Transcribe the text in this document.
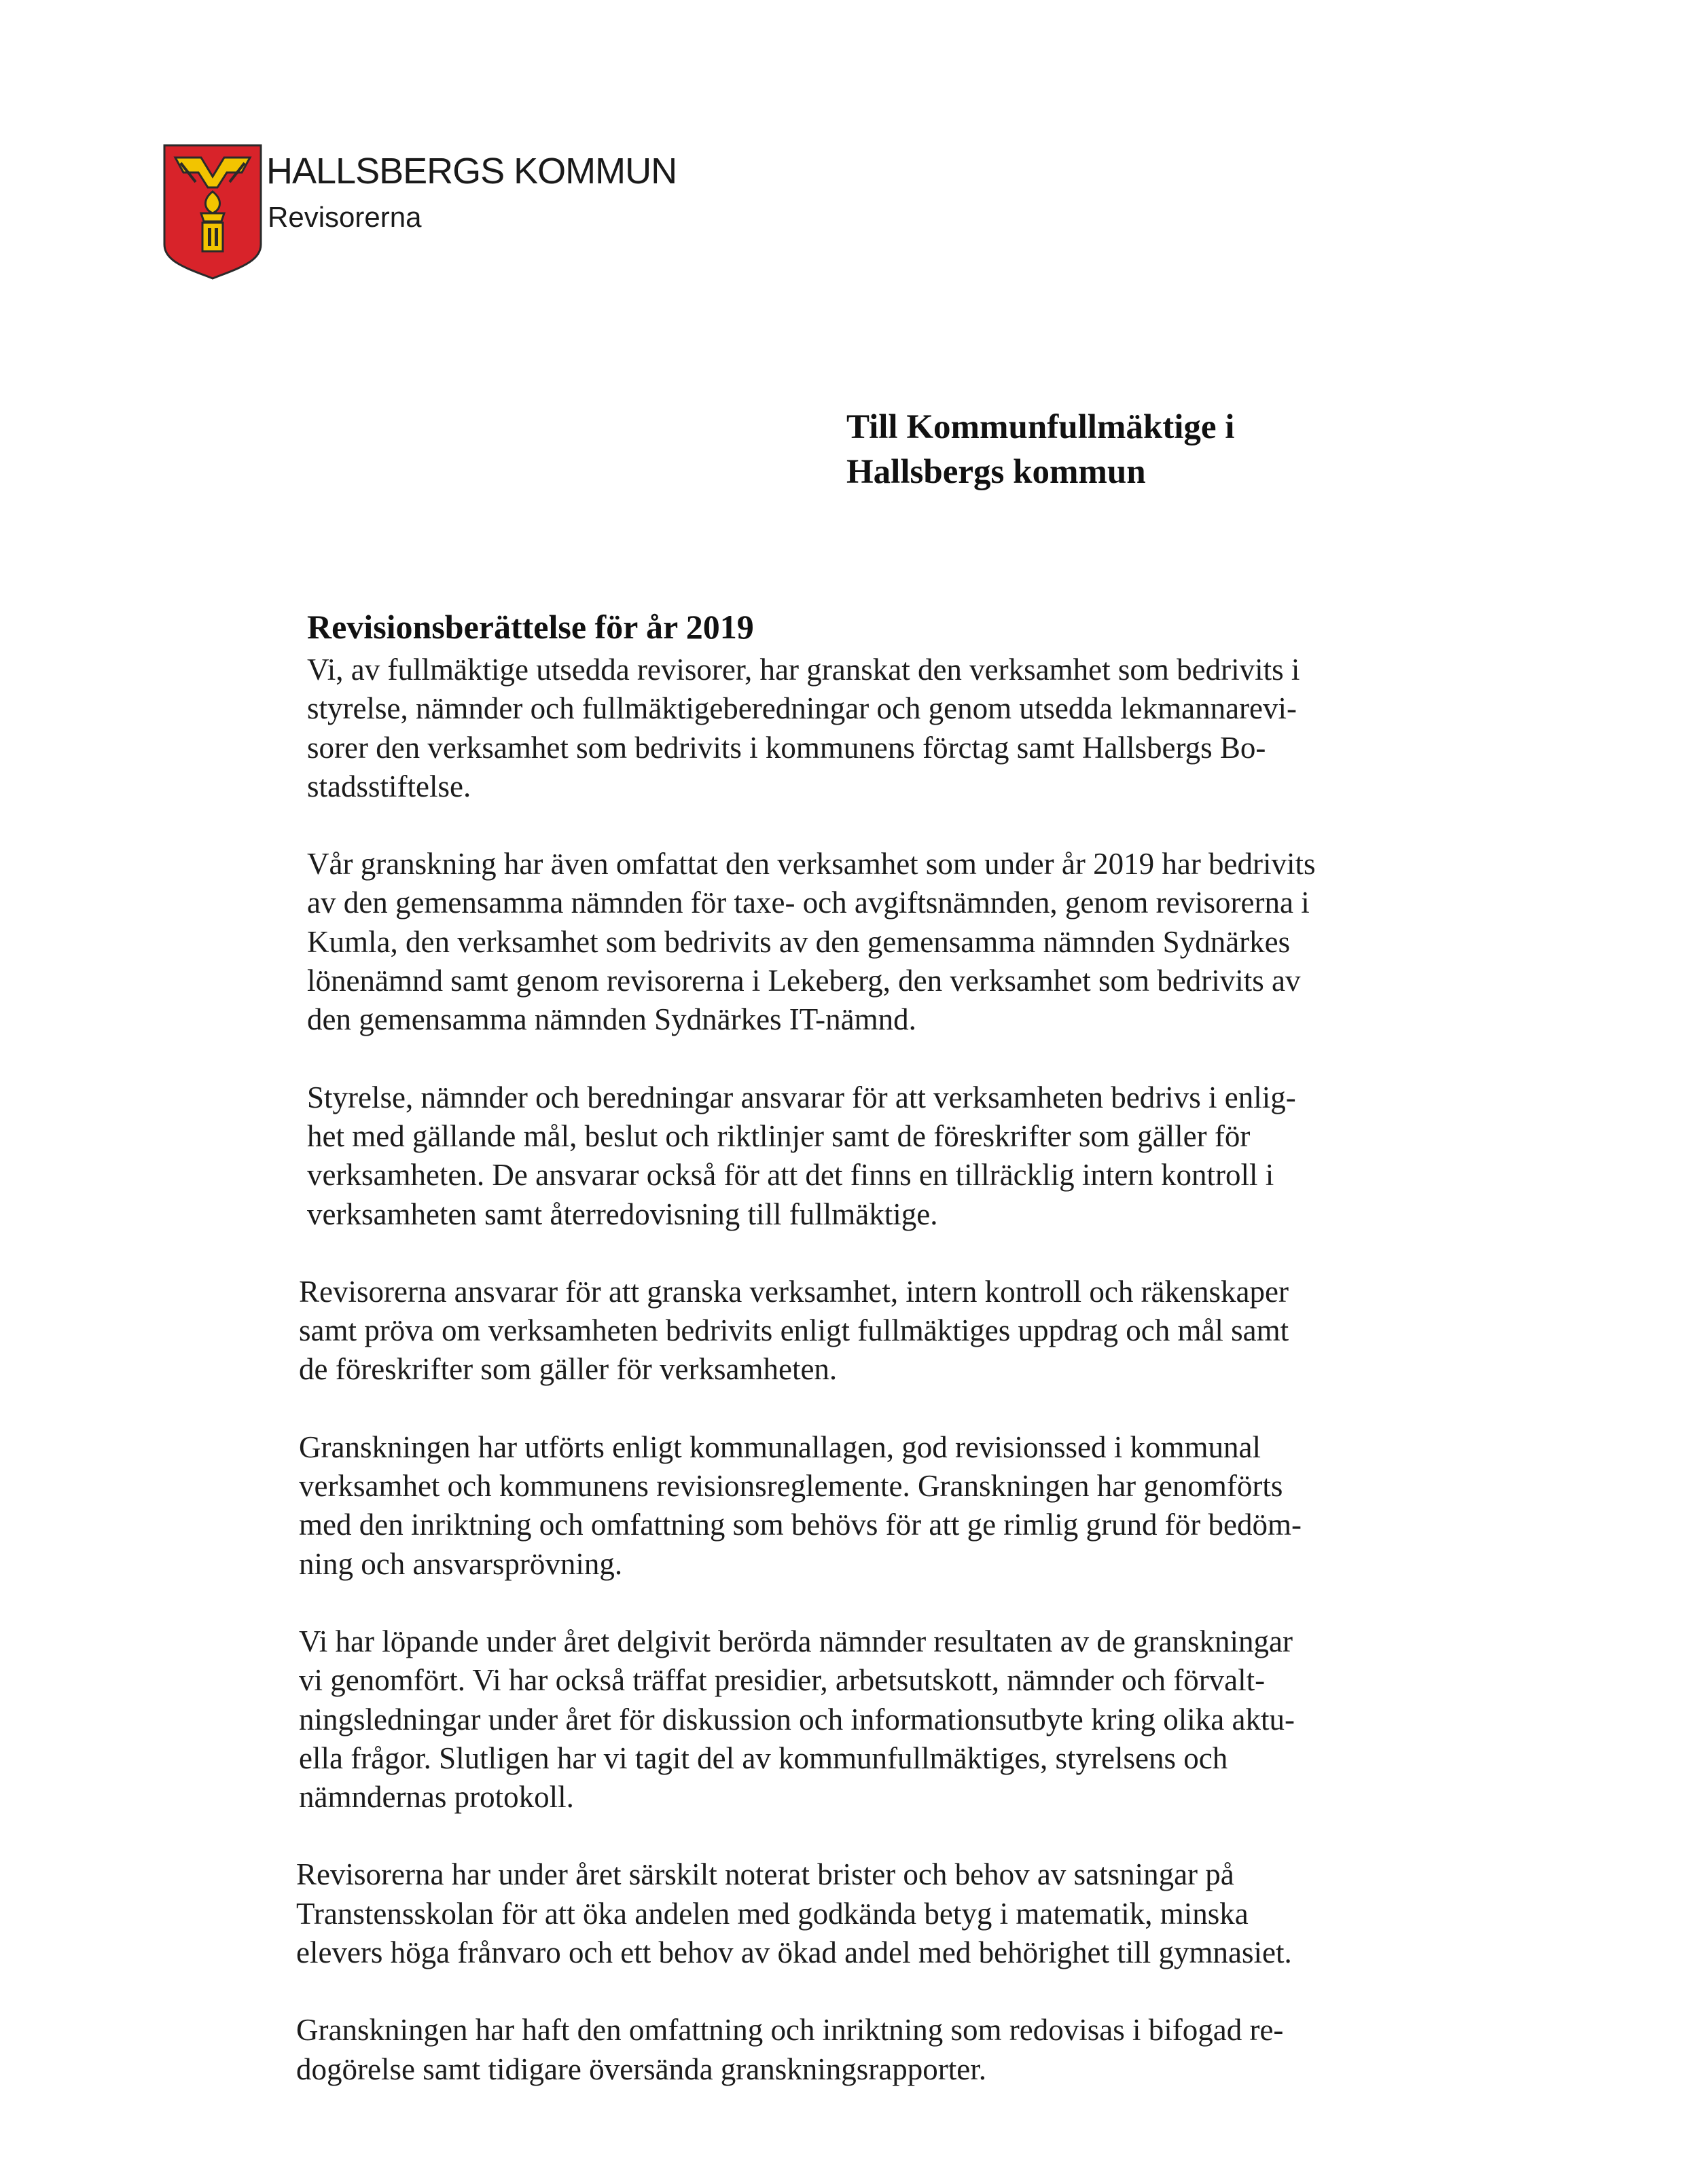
HALLSBERGS KOMMUN
Revisorerna
Till Kommunfullmäktige i
Hallsbergs kommun
Revisionsberättelse för år 2019
Vi, av fullmäktige utsedda revisorer, har granskat den verksamhet som bedrivits i
styrelse, nämnder och fullmäktigeberedningar och genom utsedda lekmannarevi-
sorer den verksamhet som bedrivits i kommunens förctag samt Hallsbergs Bo-
stadsstiftelse.
Vår granskning har även omfattat den verksamhet som under år 2019 har bedrivits
av den gemensamma nämnden för taxe- och avgiftsnämnden, genom revisorerna i
Kumla, den verksamhet som bedrivits av den gemensamma nämnden Sydnärkes
lönenämnd samt genom revisorerna i Lekeberg, den verksamhet som bedrivits av
den gemensamma nämnden Sydnärkes IT-nämnd.
Styrelse, nämnder och beredningar ansvarar för att verksamheten bedrivs i enlig-
het med gällande mål, beslut och riktlinjer samt de föreskrifter som gäller för
verksamheten. De ansvarar också för att det finns en tillräcklig intern kontroll i
verksamheten samt återredovisning till fullmäktige.
Revisorerna ansvarar för att granska verksamhet, intern kontroll och räkenskaper
samt pröva om verksamheten bedrivits enligt fullmäktiges uppdrag och mål samt
de föreskrifter som gäller för verksamheten.
Granskningen har utförts enligt kommunallagen, god revisionssed i kommunal
verksamhet och kommunens revisionsreglemente. Granskningen har genomförts
med den inriktning och omfattning som behövs för att ge rimlig grund för bedöm-
ning och ansvarsprövning.
Vi har löpande under året delgivit berörda nämnder resultaten av de granskningar
vi genomfört. Vi har också träffat presidier, arbetsutskott, nämnder och förvalt-
ningsledningar under året för diskussion och informationsutbyte kring olika aktu-
ella frågor. Slutligen har vi tagit del av kommunfullmäktiges, styrelsens och
nämndernas protokoll.
Revisorerna har under året särskilt noterat brister och behov av satsningar på
Transtensskolan för att öka andelen med godkända betyg i matematik, minska
elevers höga frånvaro och ett behov av ökad andel med behörighet till gymnasiet.
Granskningen har haft den omfattning och inriktning som redovisas i bifogad re-
dogörelse samt tidigare översända granskningsrapporter.
